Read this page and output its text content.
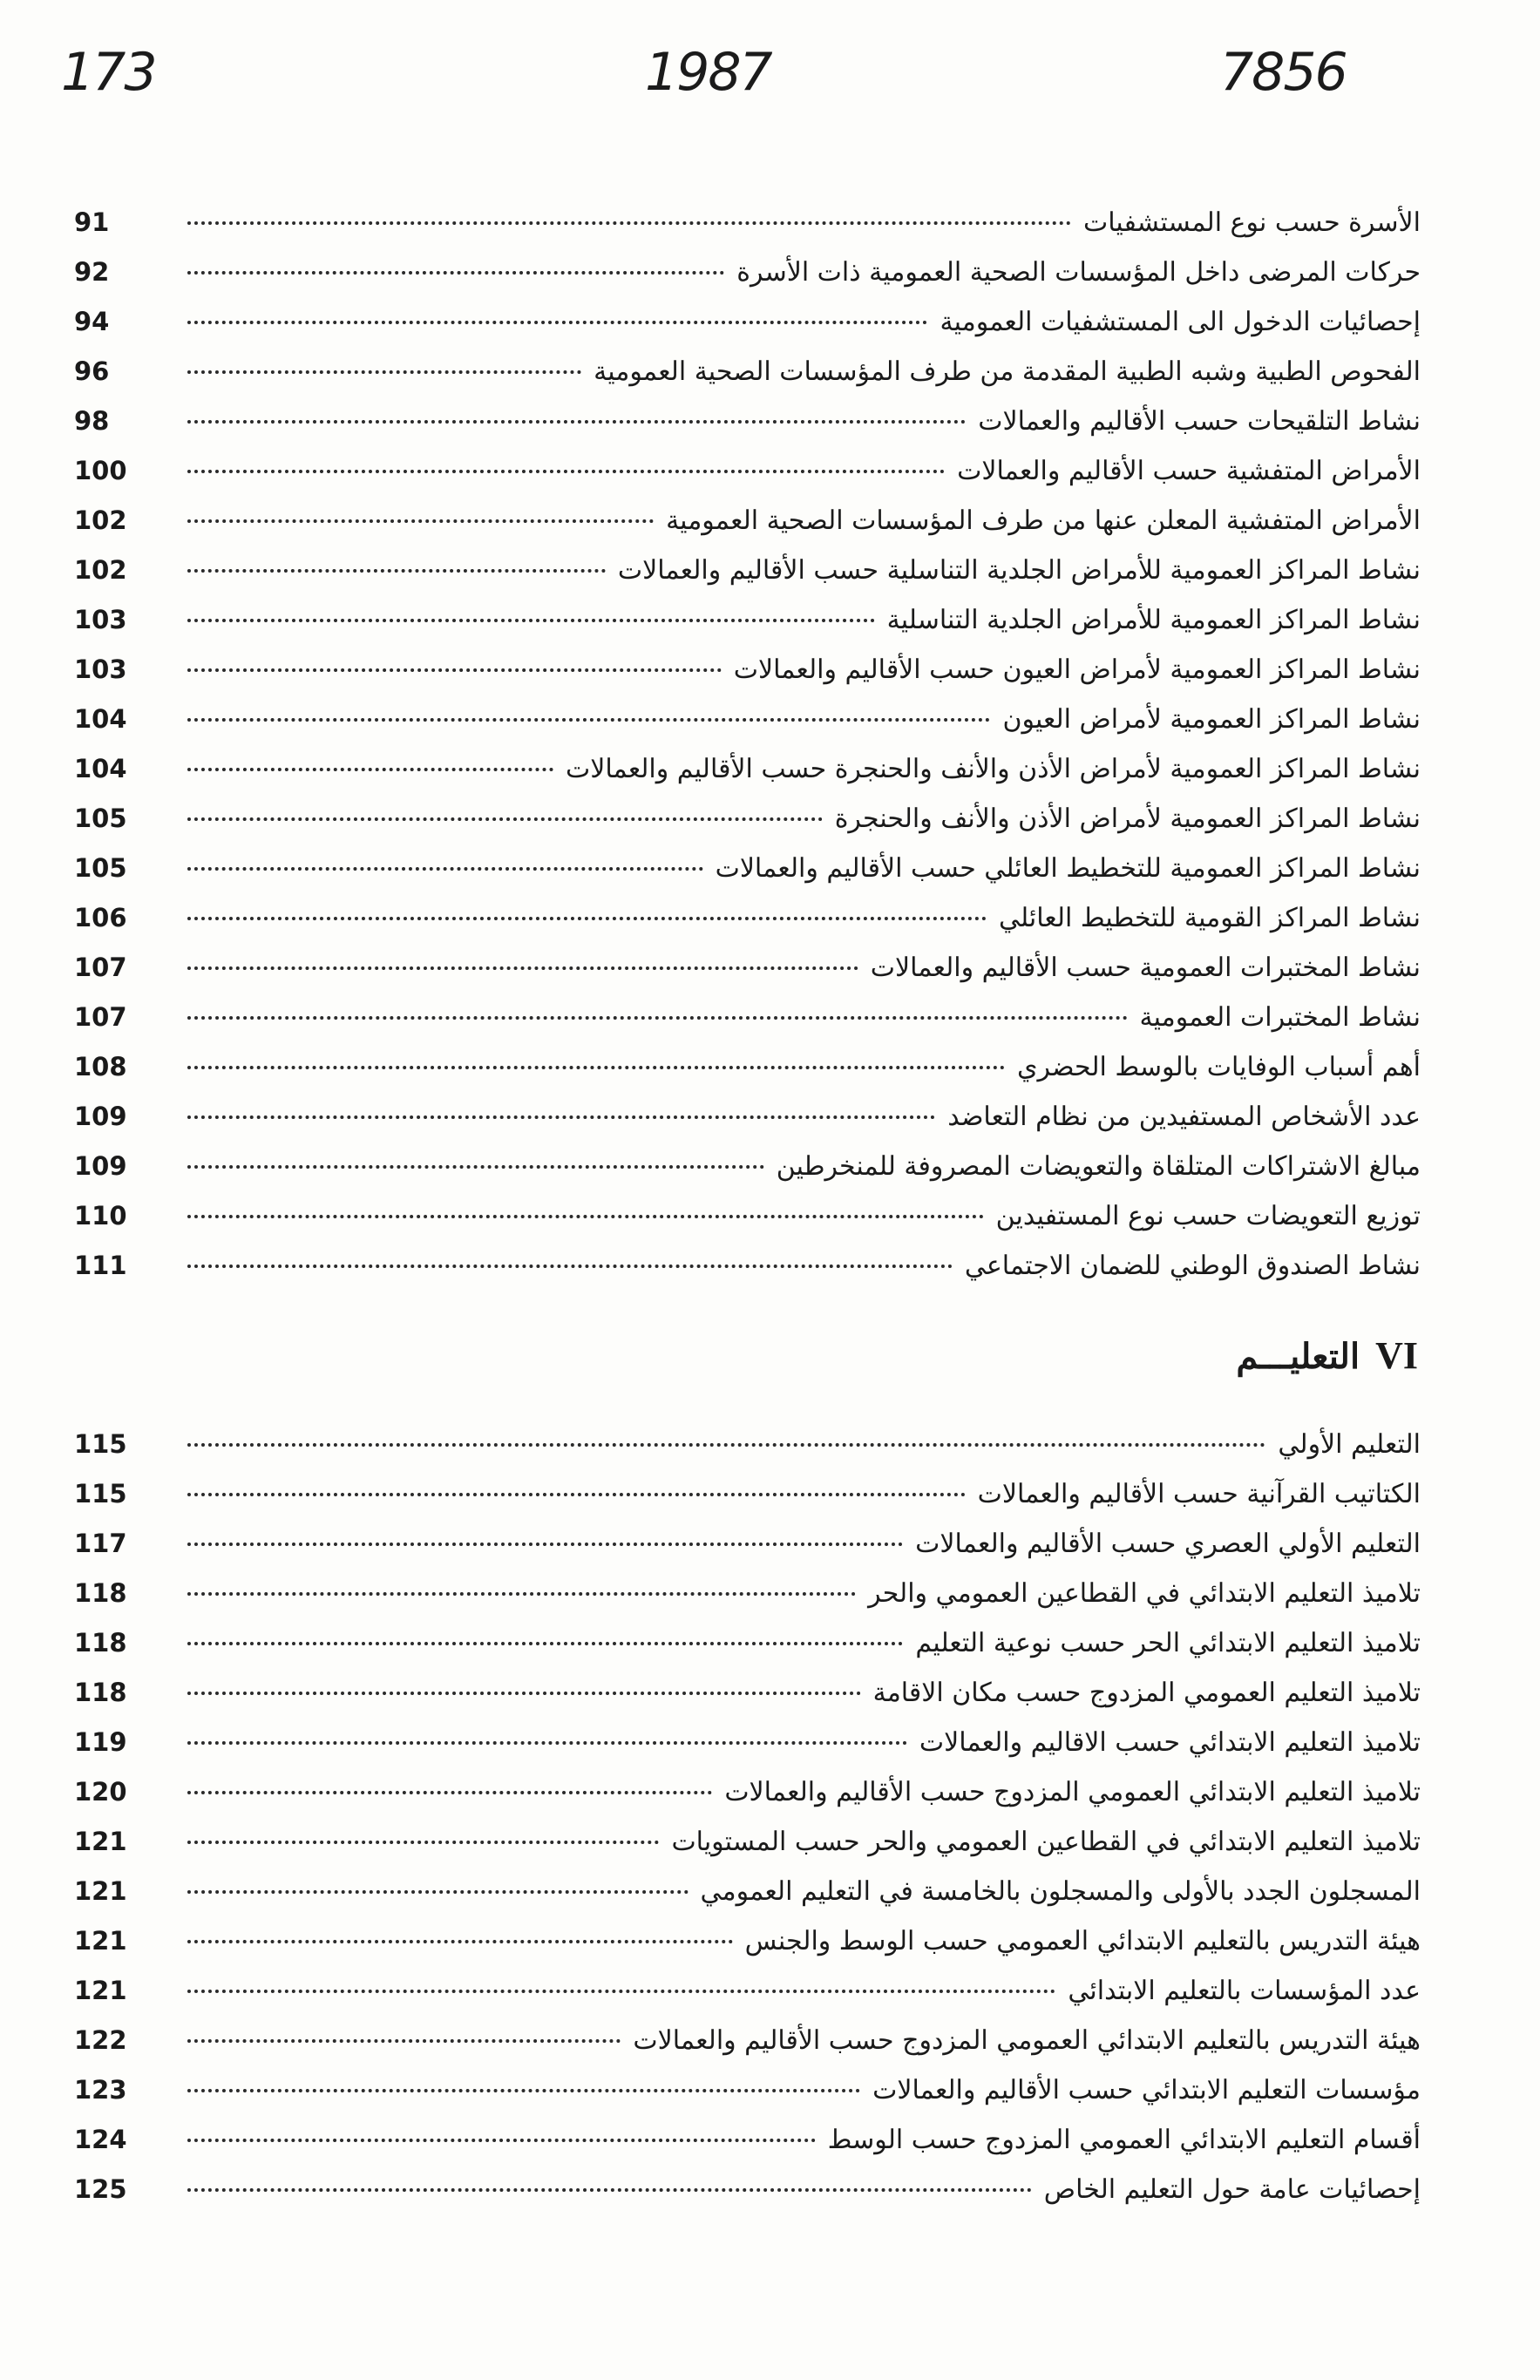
173	1987	7856
الأسرة حسب نوع المستشفيات
91
حركات المرضى داخل المؤسسات الصحية العمومية ذات الأسرة
92
إحصائيات الدخول الى المستشفيات العمومية
94
الفحوص الطبية وشبه الطبية المقدمة من طرف المؤسسات الصحية العمومية
96
نشاط التلقيحات حسب الأقاليم والعمالات
98
الأمراض المتفشية حسب الأقاليم والعمالات
100
الأمراض المتفشية المعلن عنها من طرف المؤسسات الصحية العمومية
102
نشاط المراكز العمومية للأمراض الجلدية التناسلية حسب الأقاليم والعمالات
102
نشاط المراكز العمومية للأمراض الجلدية التناسلية
103
نشاط المراكز العمومية لأمراض العيون حسب الأقاليم والعمالات
103
نشاط المراكز العمومية لأمراض العيون
104
نشاط المراكز العمومية لأمراض الأذن والأنف والحنجرة حسب الأقاليم والعمالات
104
نشاط المراكز العمومية لأمراض الأذن والأنف والحنجرة
105
نشاط المراكز العمومية للتخطيط العائلي حسب الأقاليم والعمالات
105
نشاط المراكز القومية للتخطيط العائلي
106
نشاط المختبرات العمومية حسب الأقاليم والعمالات
107
نشاط المختبرات العمومية
107
أهم أسباب الوفايات بالوسط الحضري
108
عدد الأشخاص المستفيدين من نظام التعاضد
109
مبالغ الاشتراكات المتلقاة والتعويضات المصروفة للمنخرطين
109
توزيع التعويضات حسب نوع المستفيدين
110
نشاط الصندوق الوطني للضمان الاجتماعي
111
VI
التعليـــم
التعليم الأولي
115
الكتاتيب القرآنية حسب الأقاليم والعمالات
115
التعليم الأولي العصري حسب الأقاليم والعمالات
117
تلاميذ التعليم الابتدائي في القطاعين العمومي والحر
118
تلاميذ التعليم الابتدائي الحر حسب نوعية التعليم
118
تلاميذ التعليم العمومي المزدوج حسب مكان الاقامة
118
تلاميذ التعليم الابتدائي حسب الاقاليم والعمالات
119
تلاميذ التعليم الابتدائي العمومي المزدوج حسب الأقاليم والعمالات
120
تلاميذ التعليم الابتدائي في القطاعين العمومي والحر حسب المستويات
121
المسجلون الجدد بالأولى والمسجلون بالخامسة في التعليم العمومي
121
هيئة التدريس بالتعليم الابتدائي العمومي حسب الوسط والجنس
121
عدد المؤسسات بالتعليم الابتدائي
121
هيئة التدريس بالتعليم الابتدائي العمومي المزدوج حسب الأقاليم والعمالات
122
مؤسسات التعليم الابتدائي حسب الأقاليم والعمالات
123
أقسام التعليم الابتدائي العمومي المزدوج حسب الوسط
124
إحصائيات عامة حول التعليم الخاص
125
